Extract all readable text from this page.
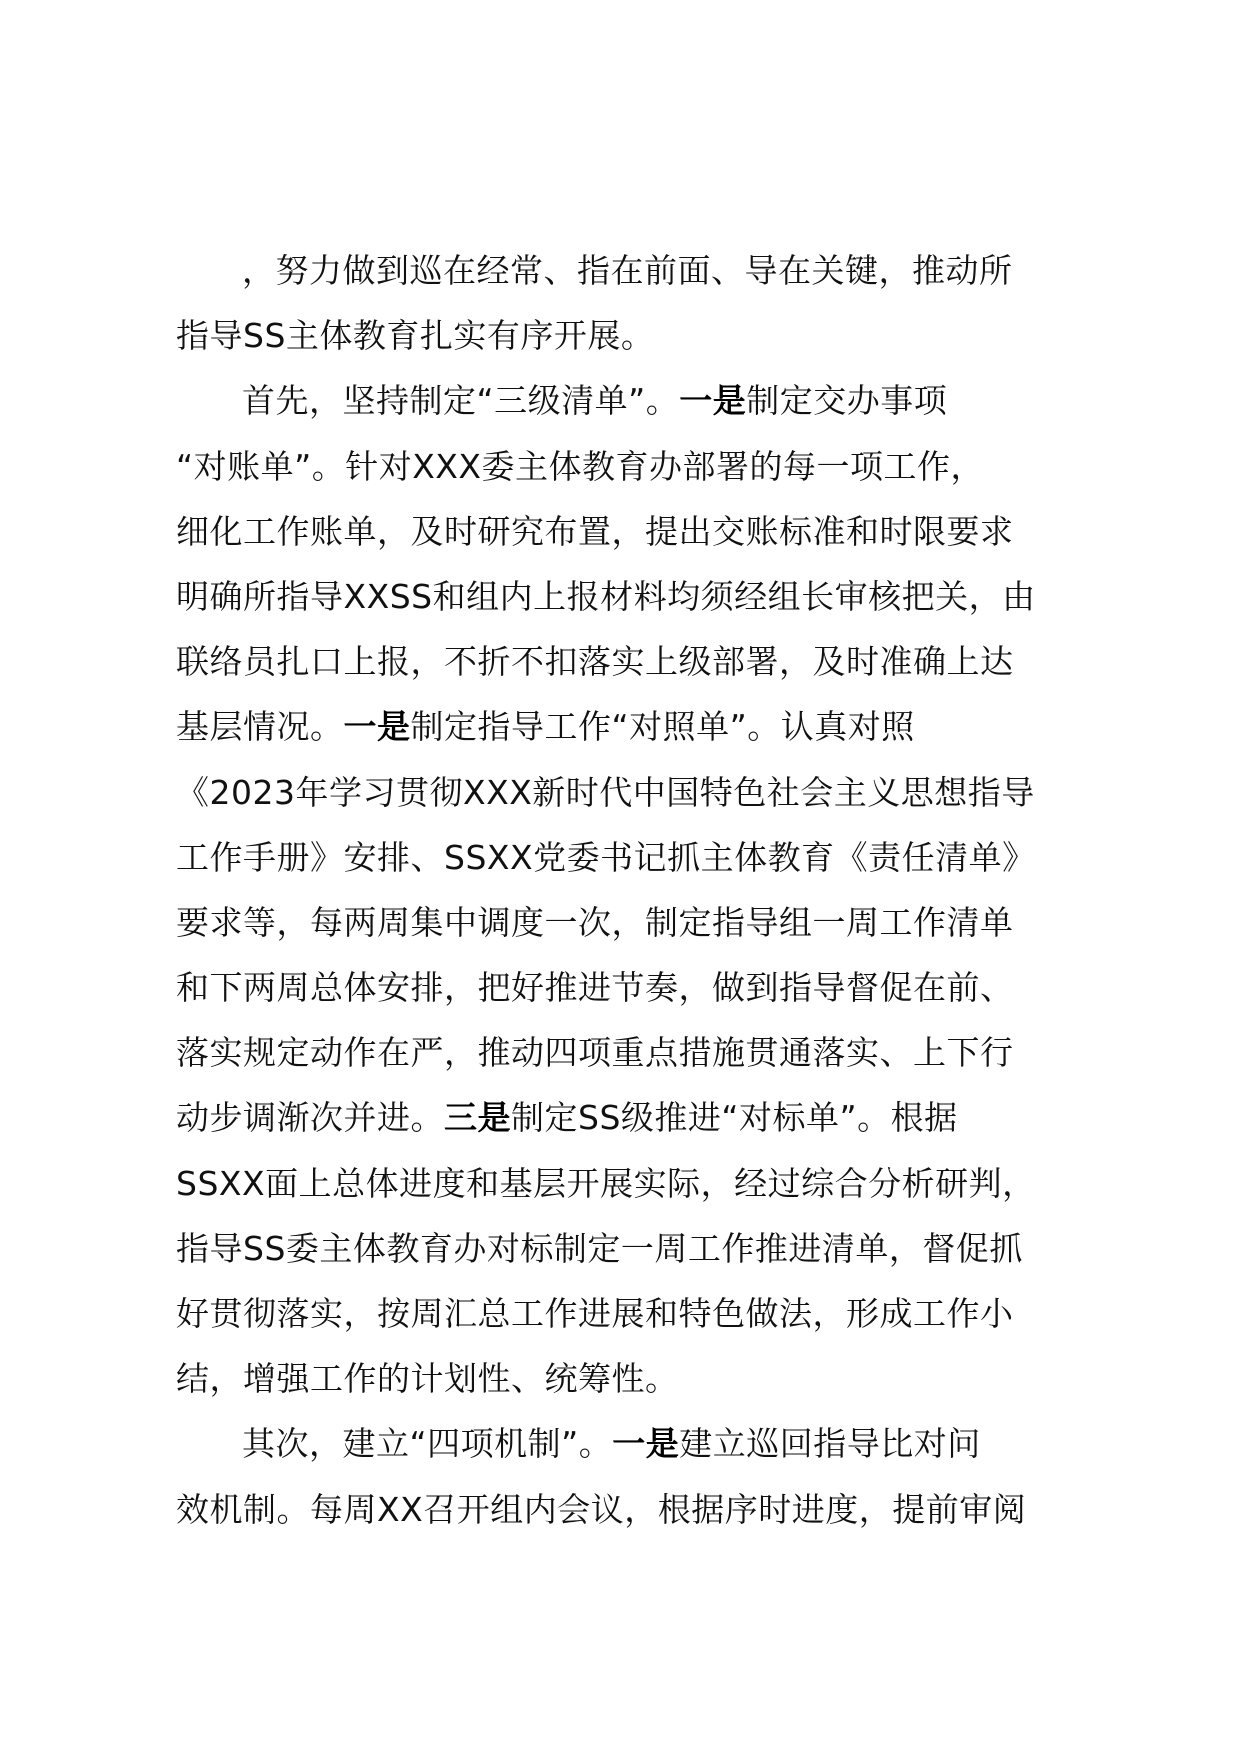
，努力做到巡在经常、指在前面、导在关键，推动所
指导SS主体教育扎实有序开展。
首先，坚持制定“三级清单”。一是制定交办事项
“对账单”。针对XXX委主体教育办部署的每一项工作，
细化工作账单，及时研究布置，提出交账标准和时限要求
明确所指导XXSS和组内上报材料均须经组长审核把关，由
联络员扎口上报，不折不扣落实上级部署，及时准确上达
基层情况。一是制定指导工作“对照单”。认真对照
《2023年学习贯彻XXX新时代中国特色社会主义思想指导
工作手册》安排、SSXX党委书记抓主体教育《责任清单》
要求等，每两周集中调度一次，制定指导组一周工作清单
和下两周总体安排，把好推进节奏，做到指导督促在前、
落实规定动作在严，推动四项重点措施贯通落实、上下行
动步调渐次并进。三是制定SS级推进“对标单”。根据
SSXX面上总体进度和基层开展实际，经过综合分析研判，
指导SS委主体教育办对标制定一周工作推进清单，督促抓
好贯彻落实，按周汇总工作进展和特色做法，形成工作小
结，增强工作的计划性、统筹性。
其次，建立“四项机制”。一是建立巡回指导比对问
效机制。每周XX召开组内会议，根据序时进度，提前审阅
